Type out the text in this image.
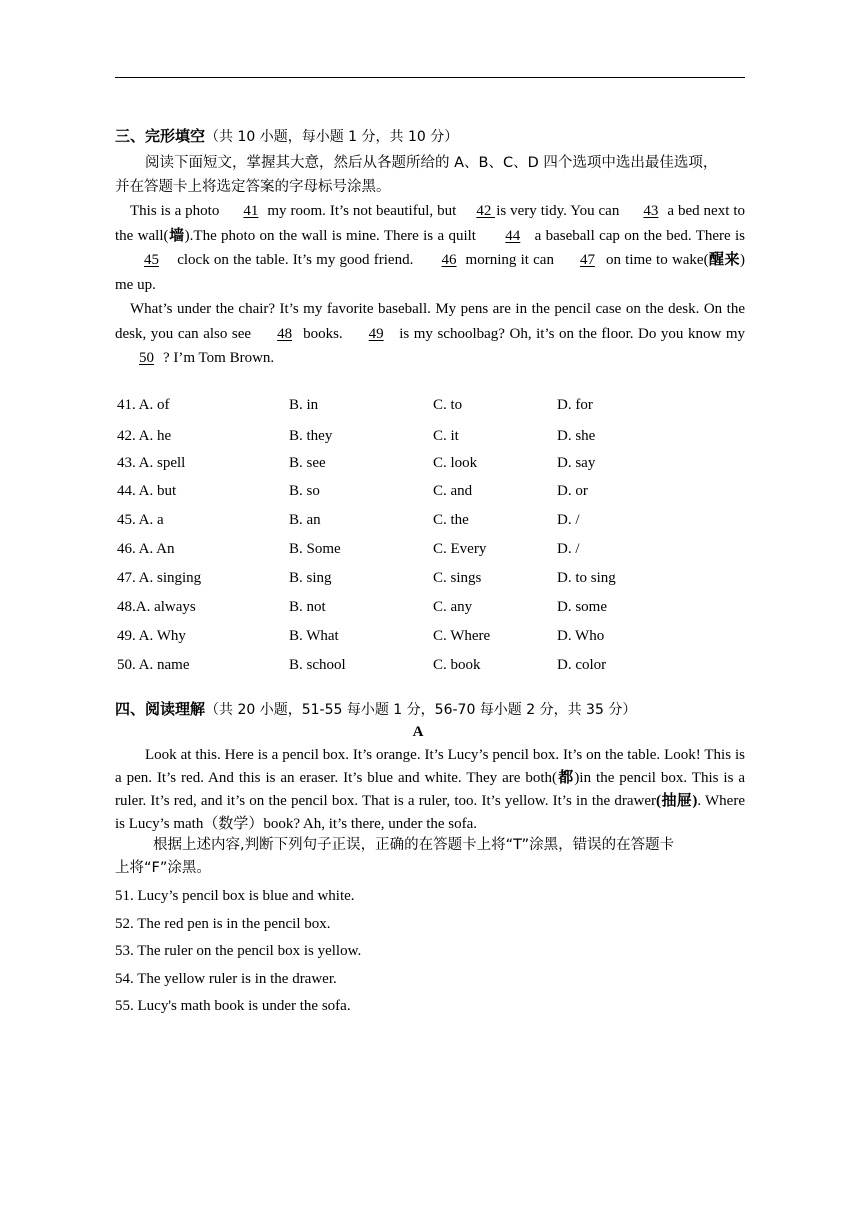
三、完形填空（共 10 小题，每小题 1 分，共 10 分）
阅读下面短文，掌握其大意，然后从各题所给的 A、B、C、D 四个选项中选出最佳选项，
并在答题卡上将选定答案的字母标号涂黑。
This is a photo 41 my room. It’s not beautiful, but 42 is very tidy. You can 43 a bed next to the wall(墙).The photo on the wall is mine. There is a quilt 44 a baseball cap on the bed. There is45 clock on the table. It’s my good friend. 46 morning it can 47 on time to wake(醒来) me up.
What’s under the chair? It’s my favorite baseball. My pens are in the pencil case on the desk. On the desk, you can also see 48 books. 49 is my schoolbag? Oh, it’s on the floor. Do you know my50 ? I’m Tom Brown.
41. A. of	B. in	C. to	D. for
42. A. he	B. they	C. it	D. she
43. A. spell	B. see	C. look	D. say
44. A. but	B. so	C. and	D. or
45. A. a	B. an	C. the	D. /
46. A. An	B. Some	C. Every	D. /
47. A. singing	B. sing	C. sings	D. to sing
48.A. always	B. not	C. any	D. some
49. A. Why	B. What	C. Where	D. Who
50. A. name	B. school	C. book	D. color
四、阅读理解（共 20 小题，51-55 每小题 1 分，56-70 每小题 2 分，共 35 分）
A
Look at this. Here is a pencil box. It’s orange. It’s Lucy’s pencil box. It’s on the table. Look! This is a pen. It’s red. And this is an eraser. It’s blue and white. They are both(都)in the pencil box. This is a ruler. It’s red, and it’s on the pencil box. That is a ruler, too. It’s yellow. It’s in the drawer(抽屉). Where is Lucy’s math（数学）book? Ah, it’s there, under the sofa.
根据上述内容,判断下列句子正误，正确的在答题卡上将“T”涂黑，错误的在答题卡
上将“F”涂黑。
51. Lucy’s pencil box is blue and white.
52. The red pen is in the pencil box.
53. The ruler on the pencil box is yellow.
54. The yellow ruler is in the drawer.
55. Lucy's math book is under the sofa.
